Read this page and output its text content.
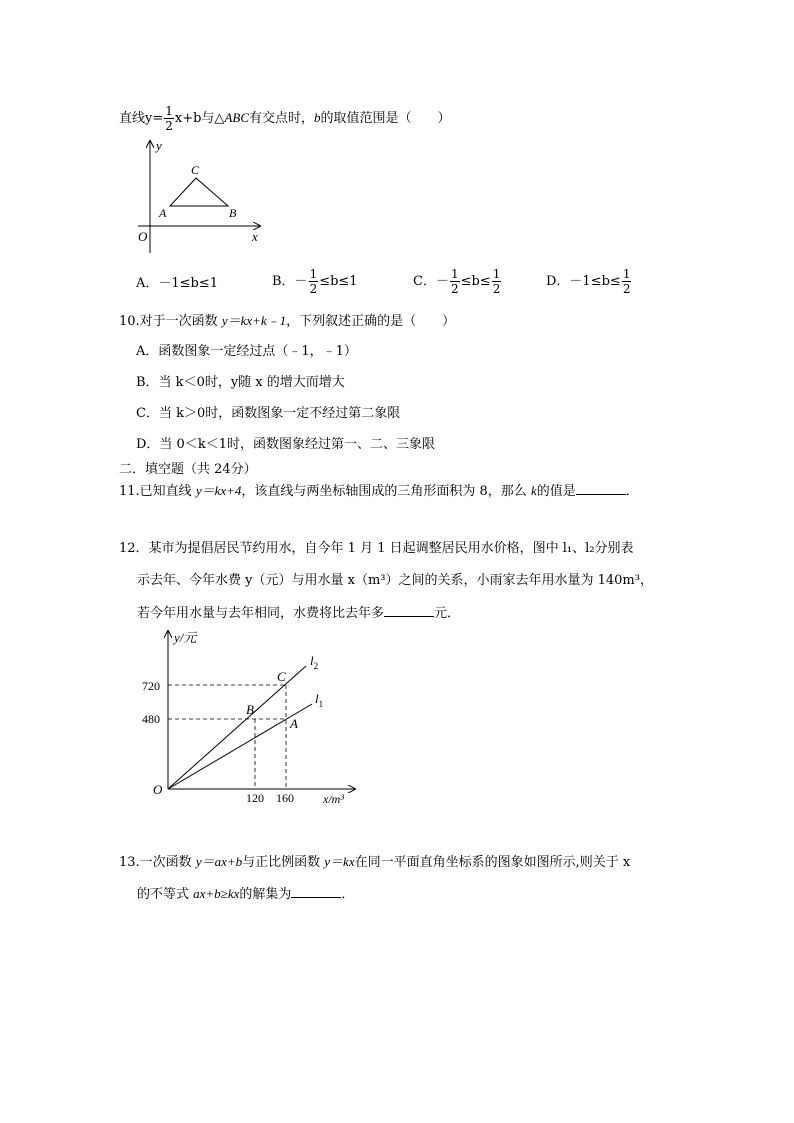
直线$y= \frac{1}{2} x+b$与△ABC有交点时，b的取值范围是（　　）
y
x
O
A	B
C
A．－1≤b≤1	B．－ $\frac{1}{2} \le b\le 1$	C．－ $\frac{1}{2} \le b\le \frac{1}{2}$	D．$-1\le b\le \frac{1}{2}$
10.对于一次函数 y＝kx+k﹣1，下列叙述正确的是（　　）
A．函数图象一定经过点（﹣1，﹣1）
B．当 k＜0时，y随 x 的增大而增大
C．当 k＞0时，函数图象一定不经过第二象限
D．当 0＜k＜1时，函数图象经过第一、二、三象限
二．填空题（共 24分）
11.已知直线 y＝kx+4，该直线与两坐标轴围成的三角形面积为 8，那么 k的值是	．
12．某市为提倡居民节约用水，自今年 1 月 1 日起调整居民用水价格，图中 l₁、l₂分别表
示去年、今年水费 y（元）与用水量 x（m³）之间的关系，小雨家去年用水量为 140m³，
若今年用水量与去年相同，水费将比去年多	元．
y/元
x/m³
O
720
480
120 160
$l_2$
$l_1$
C
B
A
13.一次函数 y＝ax+b与正比例函数 y＝kx在同一平面直角坐标系的图象如图所示,则关于 x
的不等式 ax+b≥kx的解集为	．
